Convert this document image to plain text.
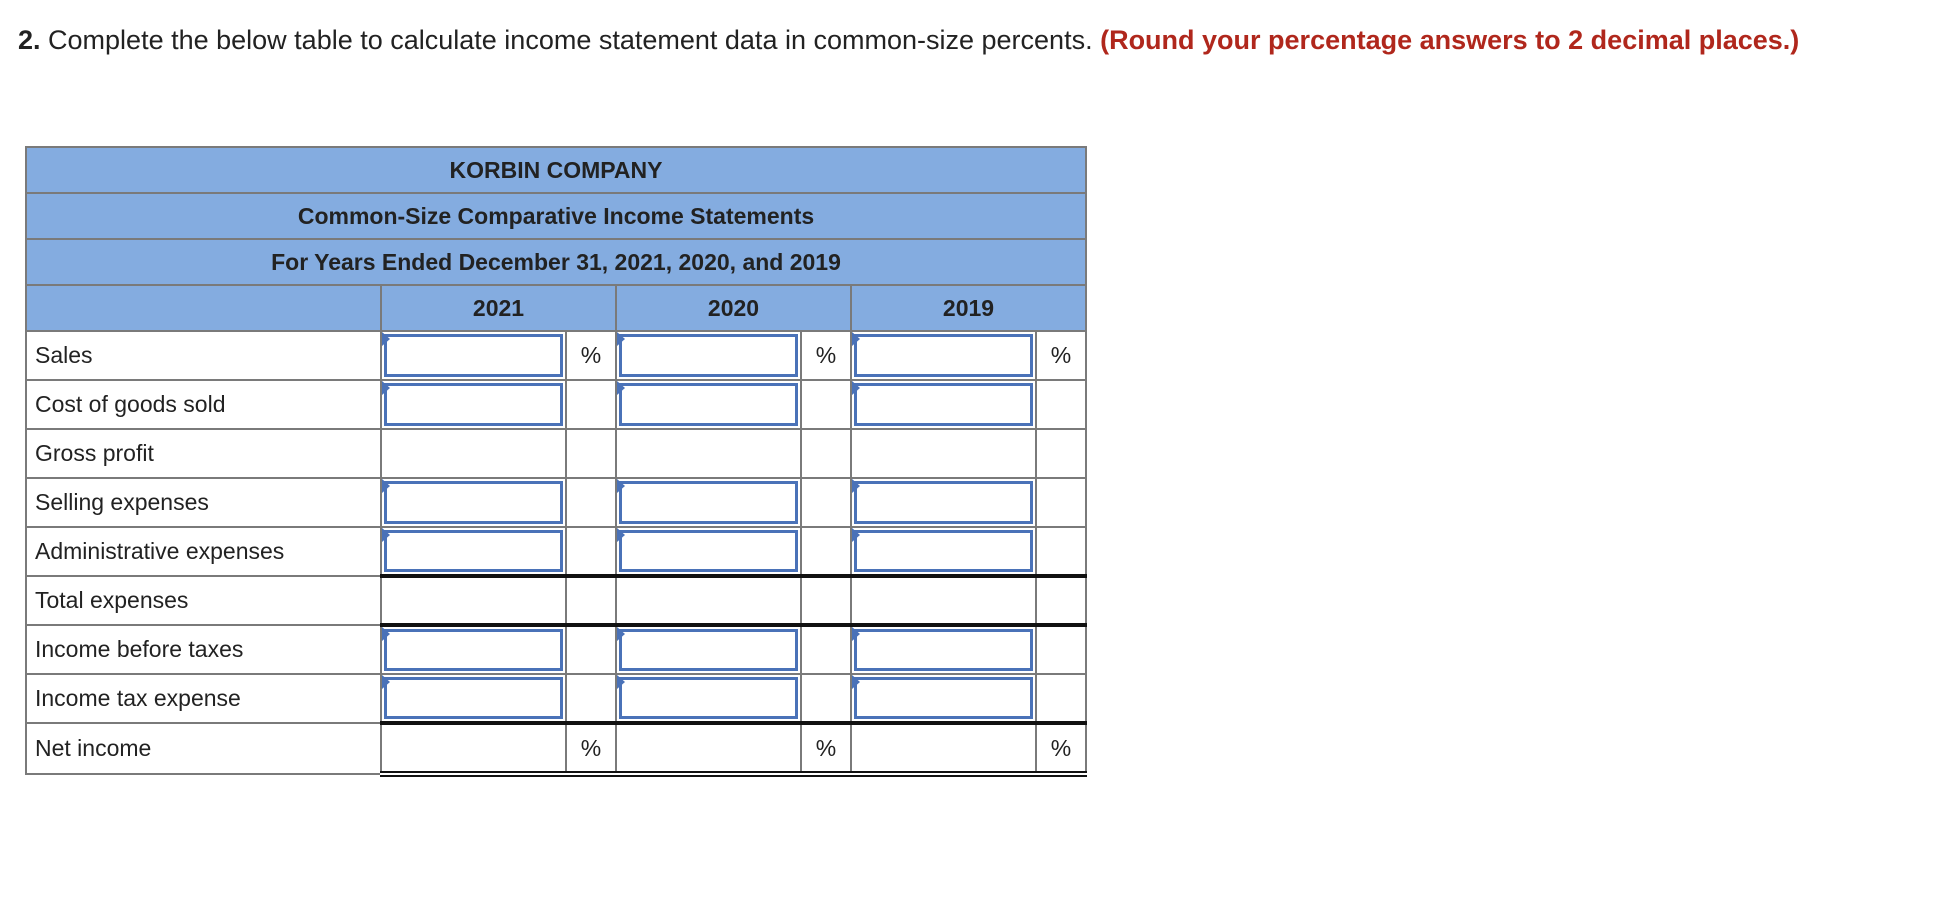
2. Complete the below table to calculate income statement data in common-size percents. (Round your percentage answers to 2 decimal places.)
KORBIN COMPANY						
Common-Size Comparative Income Statements						
For Years Ended December 31, 2021, 2020, and 2019						
	2021		2020		2019	
Sales		%		%		%
Cost of goods sold	

Gross profit						
Selling expenses	

Administrative expenses	

Total expenses						
Income before taxes	

Income tax expense	

Net income		%		%		%
